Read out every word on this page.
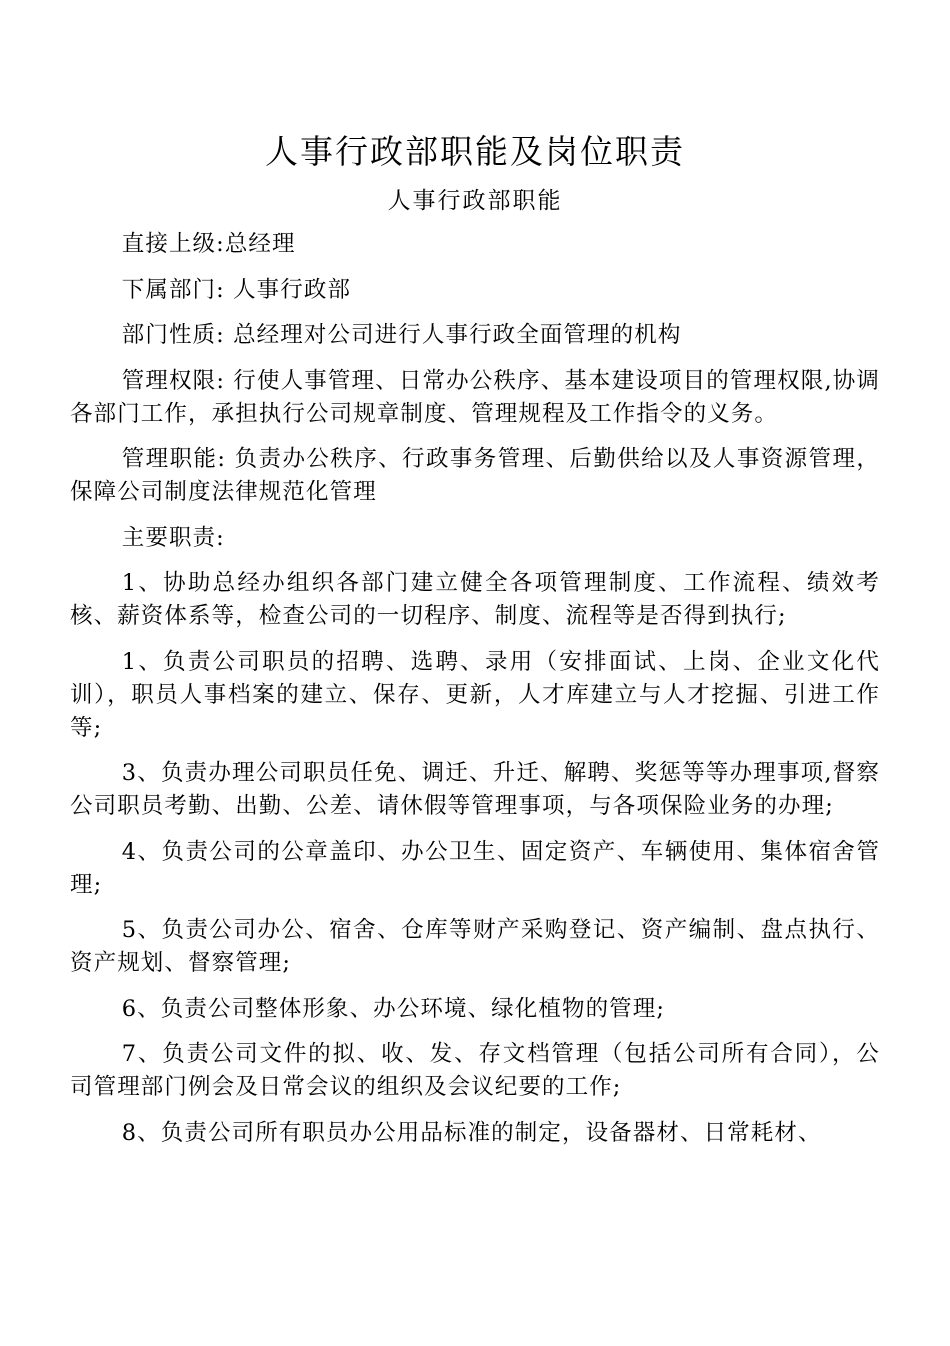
人事行政部职能及岗位职责
人事行政部职能

直接上级:总经理

下属部门: 人事行政部

部门性质: 总经理对公司进行人事行政全面管理的机构

管理权限: 行使人事管理、日常办公秩序、基本建设项目的管理权限,协调各部门工作，承担执行公司规章制度、管理规程及工作指令的义务。

管理职能: 负责办公秩序、行政事务管理、后勤供给以及人事资源管理，保障公司制度法律规范化管理

主要职责:

1、协助总经办组织各部门建立健全各项管理制度、工作流程、绩效考核、薪资体系等，检查公司的一切程序、制度、流程等是否得到执行;

1、负责公司职员的招聘、选聘、录用（安排面试、上岗、企业文化代训），职员人事档案的建立、保存、更新，人才库建立与人才挖掘、引进工作等;

3、负责办理公司职员任免、调迁、升迁、解聘、奖惩等等办理事项,督察公司职员考勤、出勤、公差、请休假等管理事项，与各项保险业务的办理;

4、负责公司的公章盖印、办公卫生、固定资产、车辆使用、集体宿舍管理;

5、负责公司办公、宿舍、仓库等财产采购登记、资产编制、盘点执行、资产规划、督察管理;

6、负责公司整体形象、办公环境、绿化植物的管理;

7、负责公司文件的拟、收、发、存文档管理（包括公司所有合同），公司管理部门例会及日常会议的组织及会议纪要的工作;

8、负责公司所有职员办公用品标准的制定，设备器材、日常耗材、
